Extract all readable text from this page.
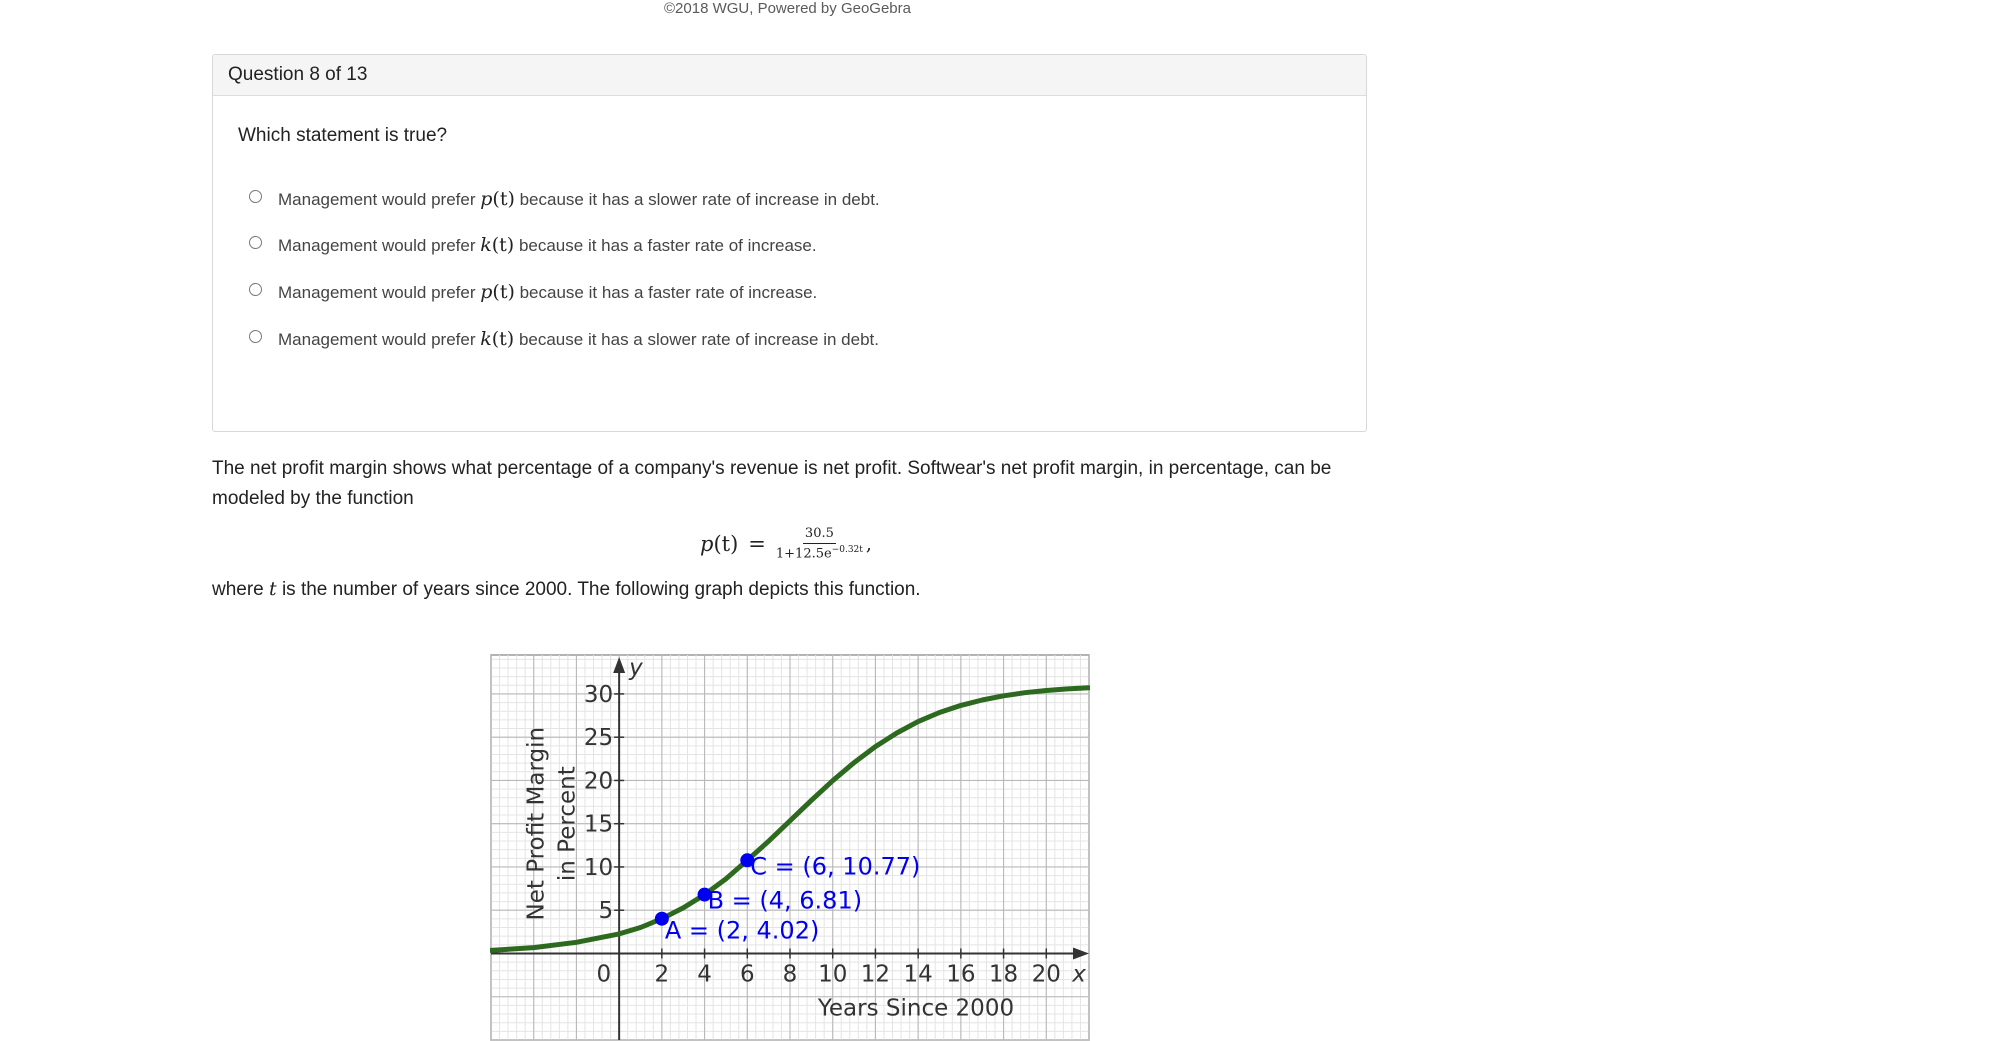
©2018 WGU, Powered by GeoGebra
Question 8 of 13
Which statement is true?
Management would prefer p(t) because it has a slower rate of increase in debt.
Management would prefer k(t) because it has a faster rate of increase.
Management would prefer p(t) because it has a faster rate of increase.
Management would prefer k(t) because it has a slower rate of increase in debt.
The net profit margin shows what percentage of a company's revenue is net profit. Softwear's net profit margin, in percentage, can be modeled by the function
$p(t) = \frac{30.5}{1+12.5e^{-0.32t}}$ ,
where t is the number of years since 2000. The following graph depicts this function.
2 4 6 8 10 12 14 16 18 20
5
10
15
20
25
30
0	x
y
Years Since 2000
Net Profit Margin in Percent
A = (2, 4.02)
B = (4, 6.81)
C = (6, 10.77)
